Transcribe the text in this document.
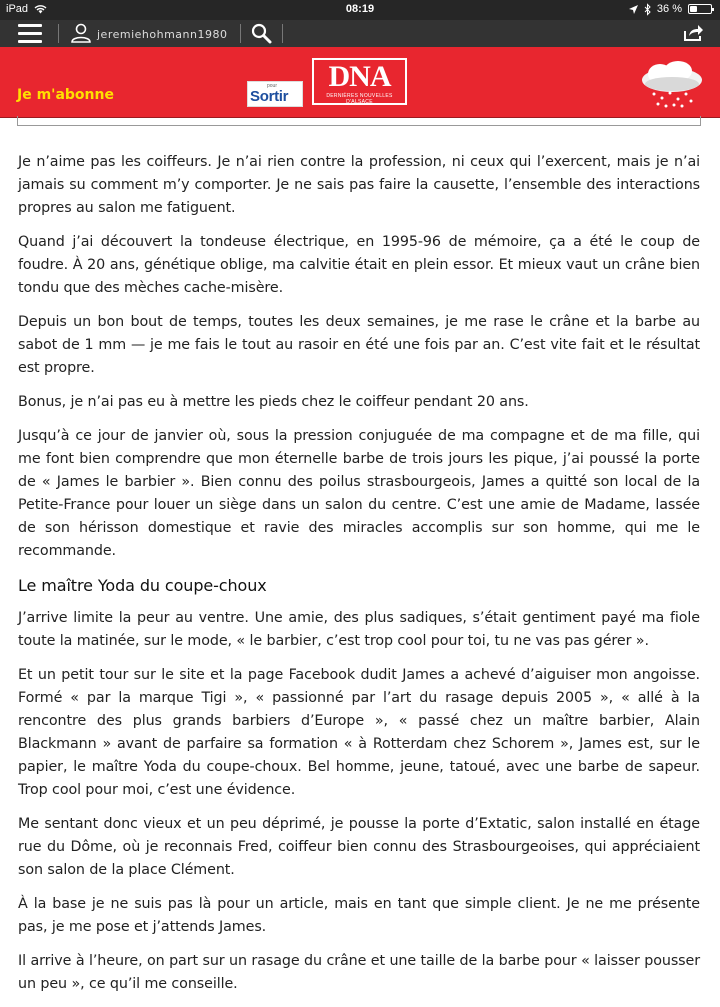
iPad	08:19	36 %
jeremiehohmann1980
Je m'abonne
pour
Sortir
DNA
DERNIÈRES NOUVELLES D'ALSACE

Je n’aime pas les coiffeurs. Je n’ai rien contre la profession, ni ceux qui l’exercent, mais je n’ai jamais su comment m’y comporter. Je ne sais pas faire la causette, l’ensemble des interactions propres au salon me fatiguent.

Quand j’ai découvert la tondeuse électrique, en 1995-96 de mémoire, ça a été le coup de foudre. À 20 ans, génétique oblige, ma calvitie était en plein essor. Et mieux vaut un crâne bien tondu que des mèches cache-misère.

Depuis un bon bout de temps, toutes les deux semaines, je me rase le crâne et la barbe au sabot de 1 mm — je me fais le tout au rasoir en été une fois par an. C’est vite fait et le résultat est propre.

Bonus, je n’ai pas eu à mettre les pieds chez le coiffeur pendant 20 ans.

Jusqu’à ce jour de janvier où, sous la pression conjuguée de ma compagne et de ma fille, qui me font bien comprendre que mon éternelle barbe de trois jours les pique, j’ai poussé la porte de « James le barbier ». Bien connu des poilus strasbourgeois, James a quitté son local de la Petite-France pour louer un siège dans un salon du centre. C’est une amie de Madame, lassée de son hérisson domestique et ravie des miracles accomplis sur son homme, qui me le recommande.

Le maître Yoda du coupe-choux

J’arrive limite la peur au ventre. Une amie, des plus sadiques, s’était gentiment payé ma fiole toute la matinée, sur le mode, « le barbier, c’est trop cool pour toi, tu ne vas pas gérer ».

Et un petit tour sur le site et la page Facebook dudit James a achevé d’aiguiser mon angoisse. Formé « par la marque Tigi », « passionné par l’art du rasage depuis 2005 », « allé à la rencontre des plus grands barbiers d’Europe », « passé chez un maître barbier, Alain Blackmann » avant de parfaire sa formation « à Rotterdam chez Schorem », James est, sur le papier, le maître Yoda du coupe-choux. Bel homme, jeune, tatoué, avec une barbe de sapeur. Trop cool pour moi, c’est une évidence.

Me sentant donc vieux et un peu déprimé, je pousse la porte d’Extatic, salon installé en étage rue du Dôme, où je reconnais Fred, coiffeur bien connu des Strasbourgeoises, qui appréciaient son salon de la place Clément.

À la base je ne suis pas là pour un article, mais en tant que simple client. Je ne me présente pas, je me pose et j’attends James.

Il arrive à l’heure, on part sur un rasage du crâne et une taille de la barbe pour « laisser pousser un peu », ce qu’il me conseille.
